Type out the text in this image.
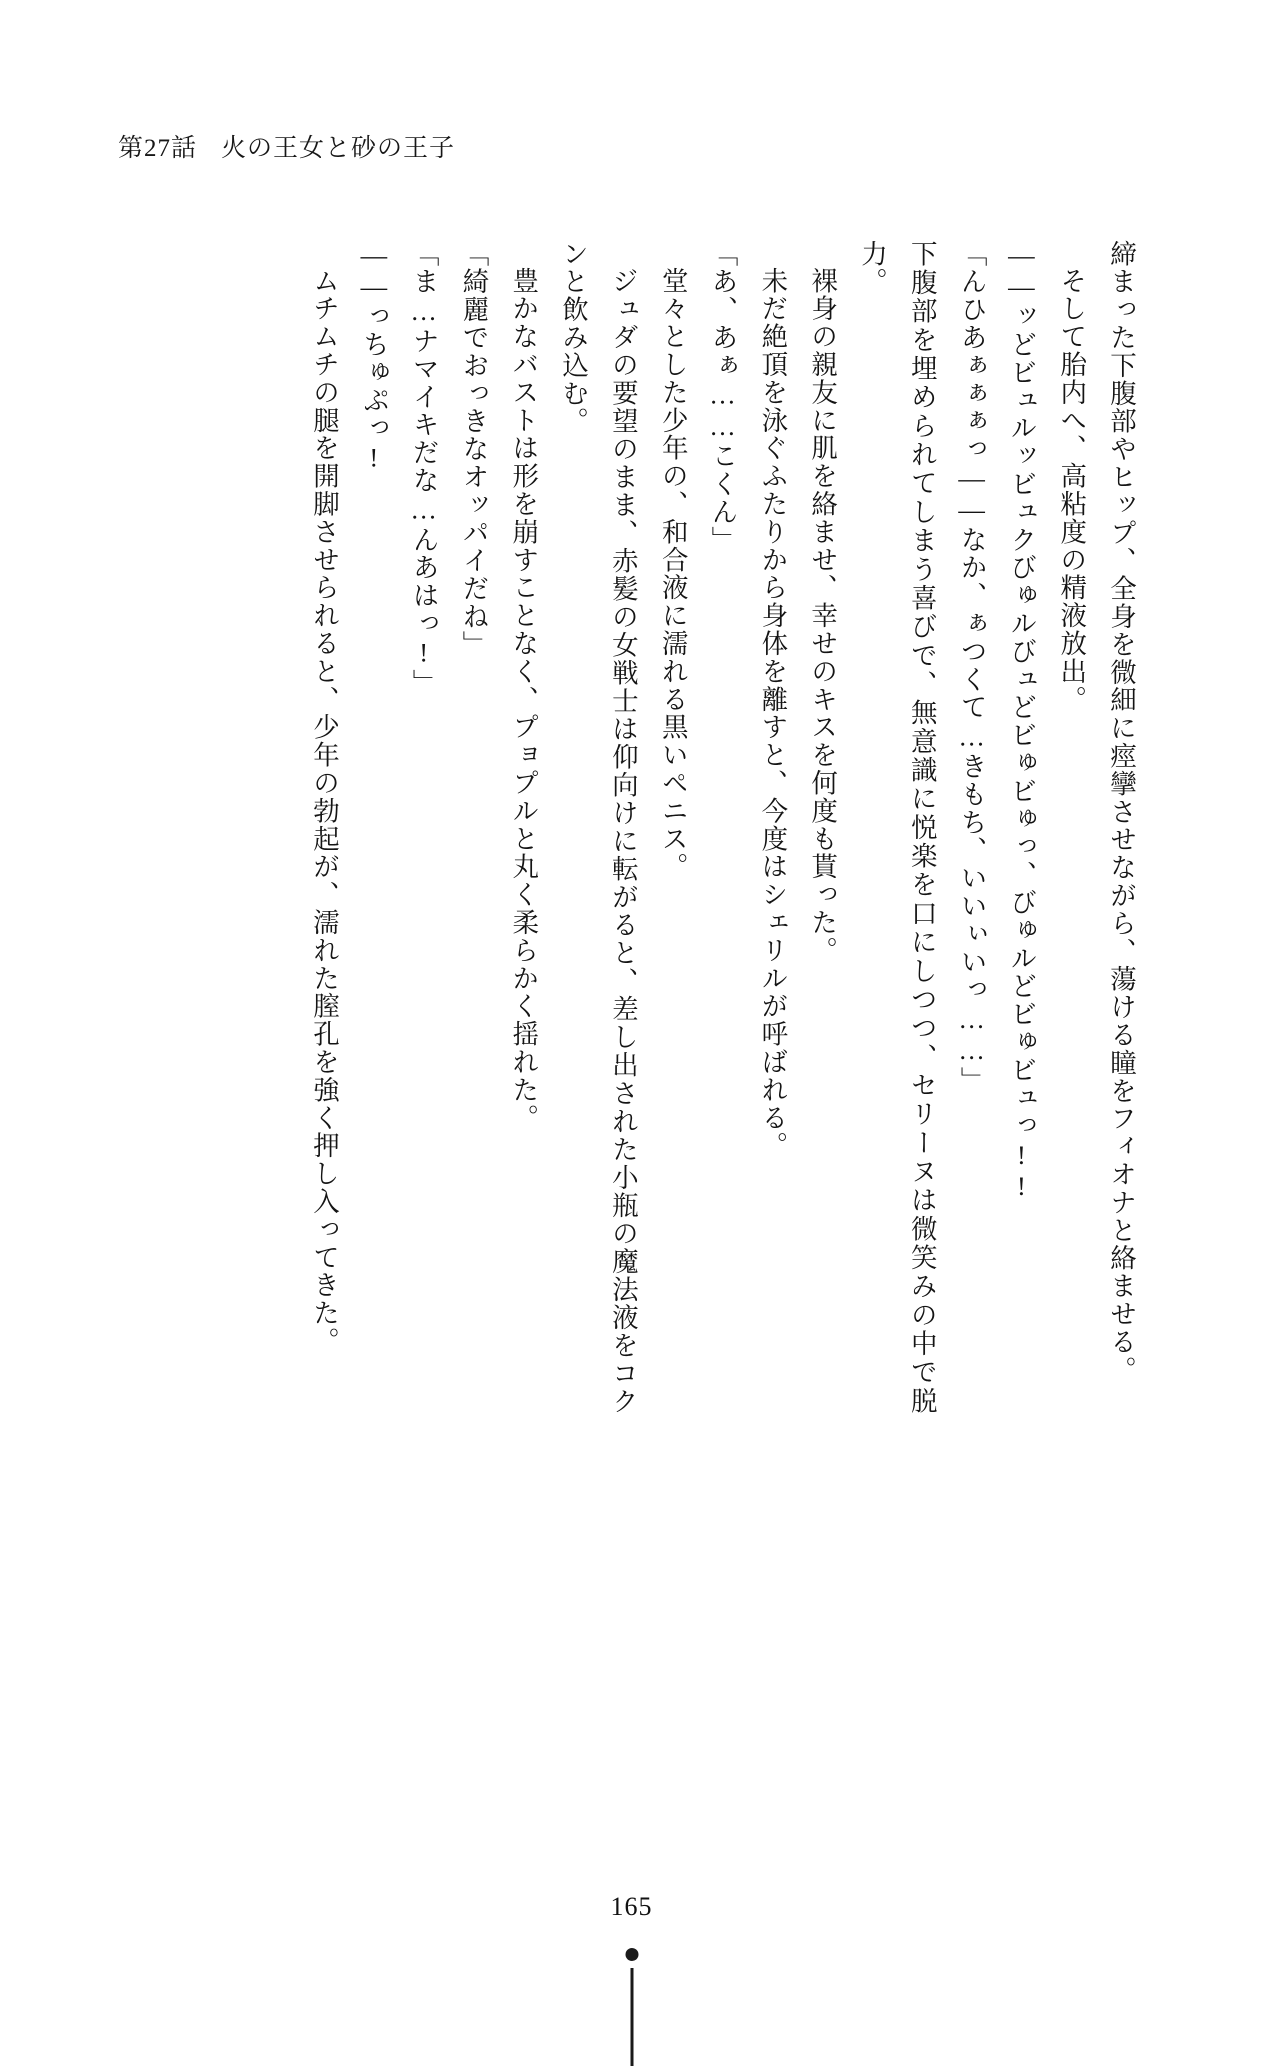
第27話 火の王女と砂の王子

締まった下腹部やヒップ、全身を微細に痙攣させながら、蕩ける瞳をフィオナと絡ませる。

そして胎内へ、高粘度の精液放出。

――ッどビュルッビュクびゅルびュどビゅビゅっ、びゅルどビゅビュっ!!

「んひあぁぁぁっ――なか、ぁつくて…きもち、いいぃいっ……」

下腹部を埋められてしまう喜びで、無意識に悦楽を口にしつつ、セリーヌは微笑みの中で脱力。

裸身の親友に肌を絡ませ、幸せのキスを何度も貰った。

未だ絶頂を泳ぐふたりから身体を離すと、今度はシェリルが呼ばれる。

「あ、あぁ……こくん」

堂々とした少年の、和合液に濡れる黒いペニス。

ジュダの要望のまま、赤髪の女戦士は仰向けに転がると、差し出された小瓶の魔法液をコクンと飲み込む。

豊かなバストは形を崩すことなく、プョプルと丸く柔らかく揺れた。

「綺麗でおっきなオッパイだね」

「ま…ナマイキだな…んあはっ!」

――っちゅぷっ!

ムチムチの腿を開脚させられると、少年の勃起が、濡れた膣孔を強く押し入ってきた。

165
